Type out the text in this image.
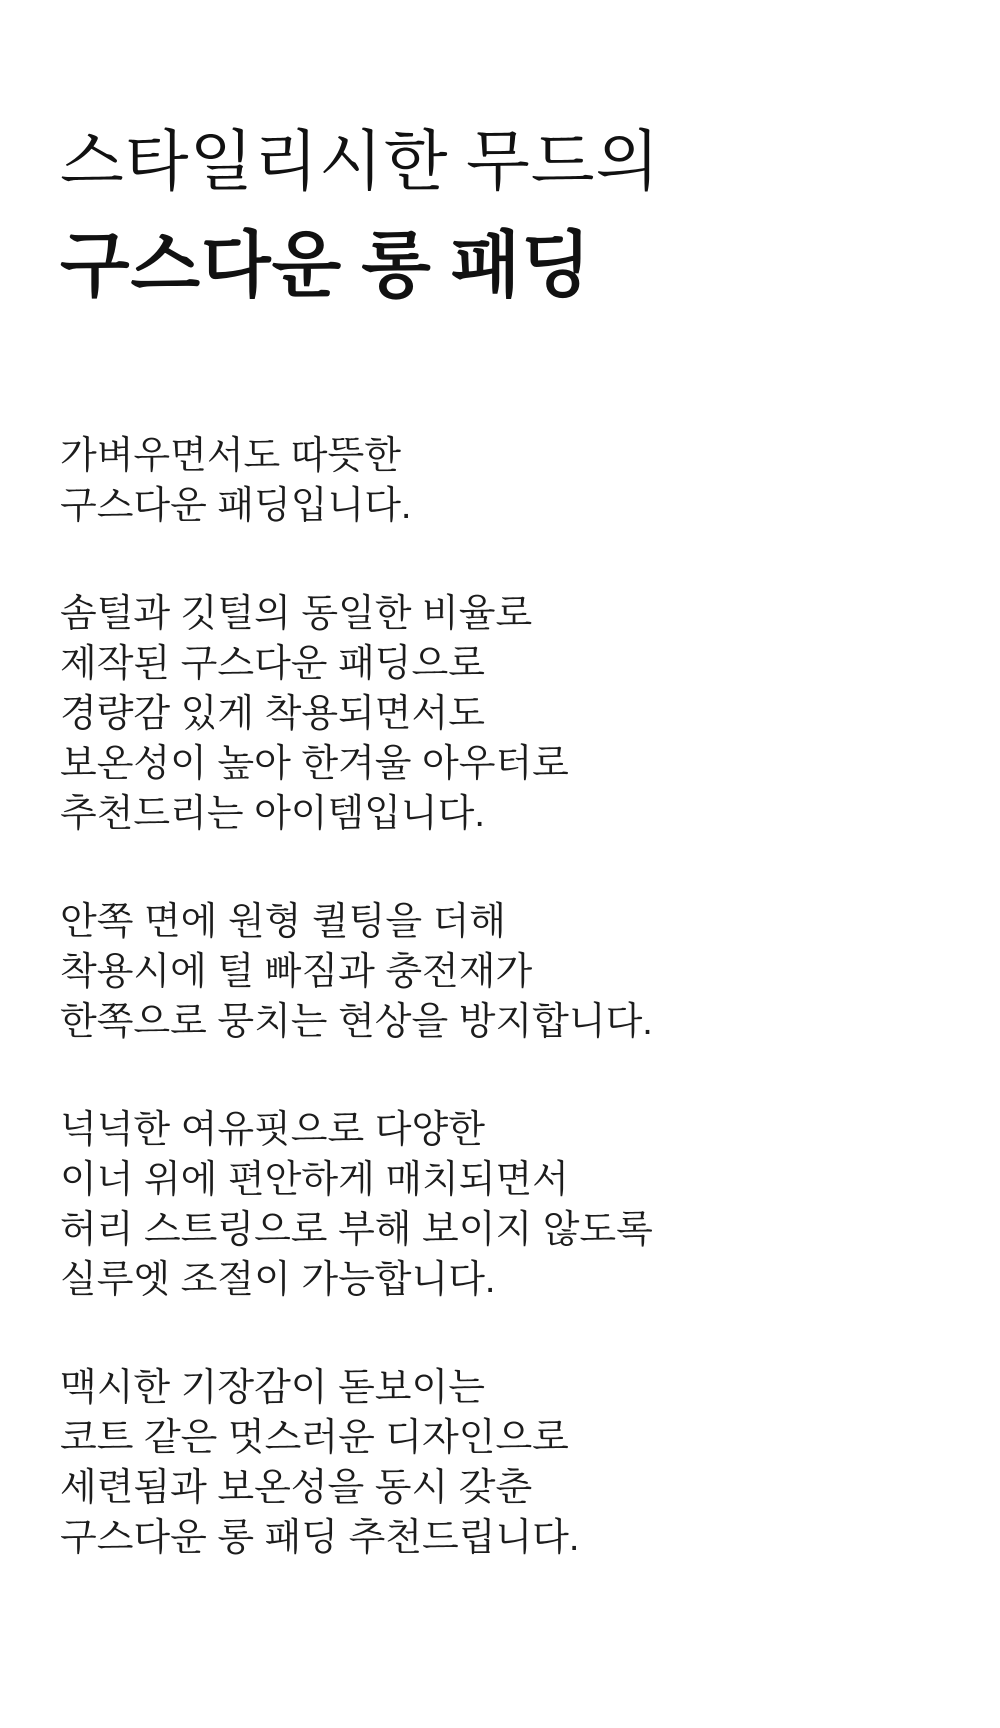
스타일리시한 무드의
구스다운 롱 패딩

가벼우면서도 따뜻한
구스다운 패딩입니다.

솜털과 깃털의 동일한 비율로
제작된 구스다운 패딩으로
경량감 있게 착용되면서도
보온성이 높아 한겨울 아우터로
추천드리는 아이템입니다.

안쪽 면에 원형 퀼팅을 더해
착용시에 털 빠짐과 충전재가
한쪽으로 뭉치는 현상을 방지합니다.

넉넉한 여유핏으로 다양한
이너 위에 편안하게 매치되면서
허리 스트링으로 부해 보이지 않도록
실루엣 조절이 가능합니다.

맥시한 기장감이 돋보이는
코트 같은 멋스러운 디자인으로
세련됨과 보온성을 동시 갖춘
구스다운 롱 패딩 추천드립니다.
